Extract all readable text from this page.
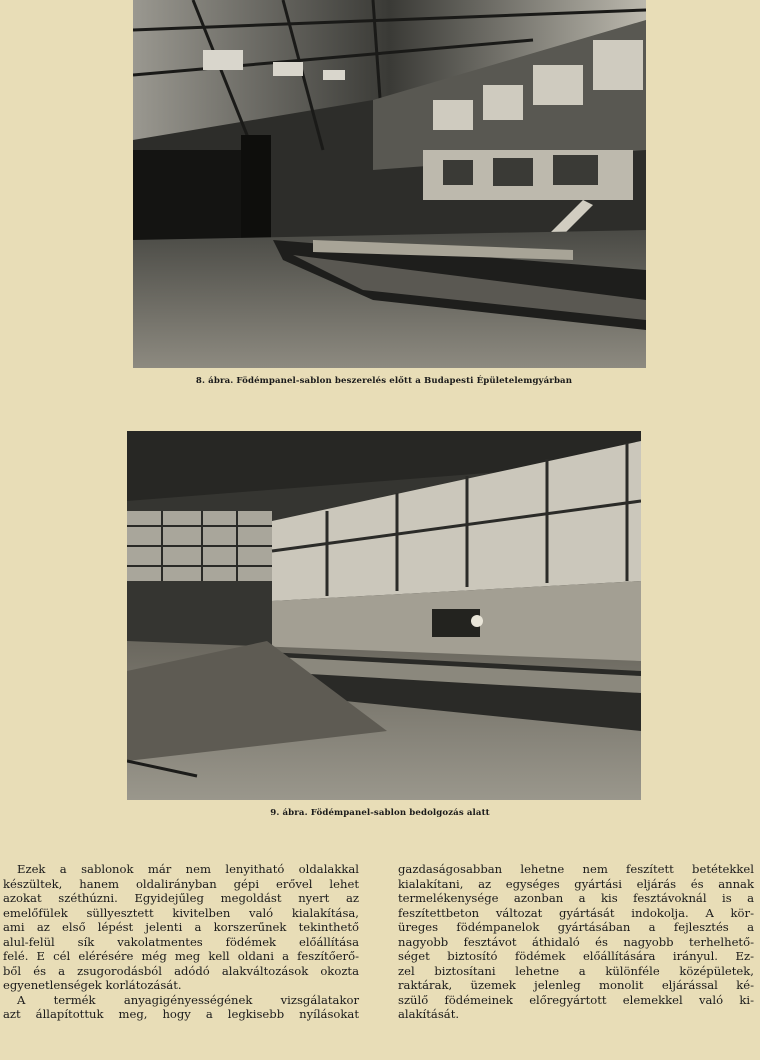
8. ábra. Födémpanel-sablon beszerelés előtt a Budapesti Épületelemgyárban
9. ábra. Födémpanel-sablon bedolgozás alatt
Ezek a sablonok már nem lenyitható oldalakkal
készültek, hanem oldalirányban gépi erővel lehet
azokat széthúzni. Egyidejűleg megoldást nyert az
emelőfülek süllyesztett kivitelben való kialakítása,
ami az első lépést jelenti a korszerűnek tekinthető
alul-felül sík vakolatmentes födémek előállítása
felé. E cél elérésére még meg kell oldani a feszítőerő-
ből és a zsugorodásból adódó alakváltozások okozta
egyenetlenségek korlátozását.
A termék anyagigényességének vizsgálatakor
azt állapítottuk meg, hogy a legkisebb nyílásokat
gazdaságosabban lehetne nem feszített betétekkel
kialakítani, az egységes gyártási eljárás és annak
termelékenysége azonban a kis fesztávoknál is a
feszítettbeton változat gyártását indokolja. A kör-
üreges födémpanelok gyártásában a fejlesztés a
nagyobb fesztávot áthidaló és nagyobb terhelhető-
séget biztosító födémek előállítására irányul. Ez-
zel biztosítani lehetne a különféle középületek,
raktárak, üzemek jelenleg monolit eljárással ké-
szülő födémeinek előregyártott elemekkel való ki-
alakítását.
